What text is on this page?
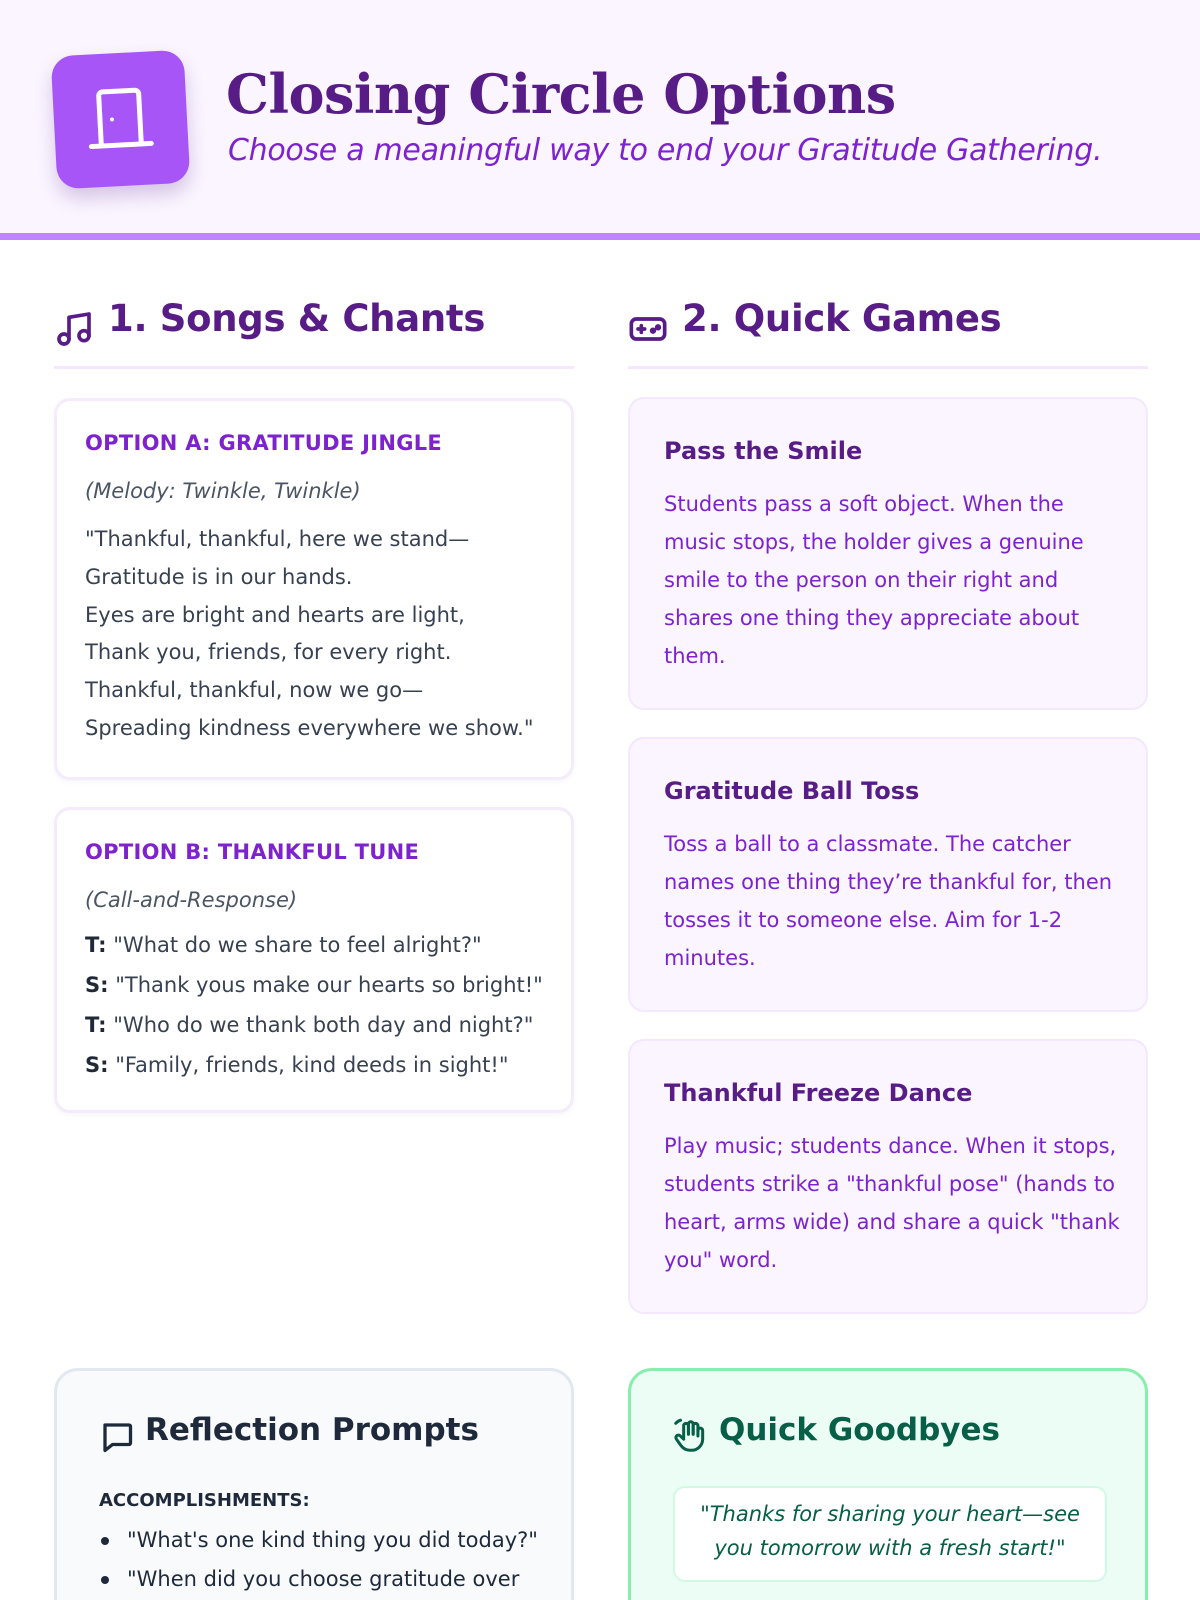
Closing Circle Options
Choose a meaningful way to end your Gratitude Gathering.
1. Songs & Chants
OPTION A: GRATITUDE JINGLE
(Melody: Twinkle, Twinkle)
"Thankful, thankful, here we stand—
Gratitude is in our hands.
Eyes are bright and hearts are light,
Thank you, friends, for every right.
Thankful, thankful, now we go—
Spreading kindness everywhere we show."
OPTION B: THANKFUL TUNE
(Call-and-Response)
T: "What do we share to feel alright?"
S: "Thank yous make our hearts so bright!"
T: "Who do we thank both day and night?"
S: "Family, friends, kind deeds in sight!"
2. Quick Games
Pass the Smile
Students pass a soft object. When the music stops, the holder gives a genuine smile to the person on their right and shares one thing they appreciate about them.
Gratitude Ball Toss
Toss a ball to a classmate. The catcher names one thing they’re thankful for, then tosses it to someone else. Aim for 1-2 minutes.
Thankful Freeze Dance
Play music; students dance. When it stops, students strike a "thankful pose" (hands to heart, arms wide) and share a quick "thank you" word.
Reflection Prompts
ACCOMPLISHMENTS:
"What's one kind thing you did today?"
"When did you choose gratitude over
Quick Goodbyes
"Thanks for sharing your heart—see
you tomorrow with a fresh start!"
